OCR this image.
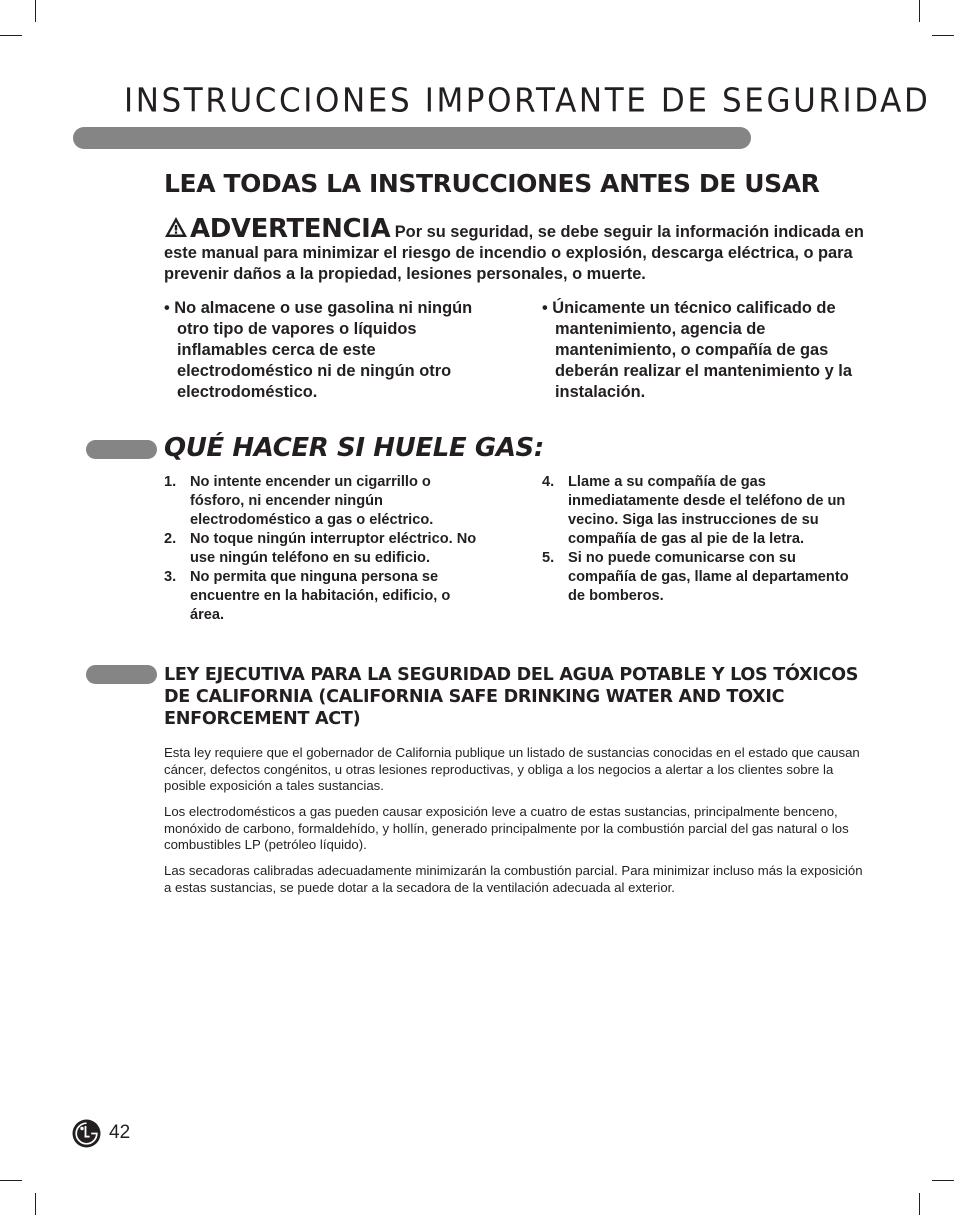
INSTRUCCIONES IMPORTANTE DE SEGURIDAD
LEA TODAS LA INSTRUCCIONES ANTES DE USAR
ADVERTENCIA Por su seguridad, se debe seguir la información indicada en este manual para minimizar el riesgo de incendio o explosión, descarga eléctrica, o para prevenir daños a la propiedad, lesiones personales, o muerte.
• No almacene o use gasolina ni ningún otro tipo de vapores o líquidos inflamables cerca de este electrodoméstico ni de ningún otro electrodoméstico.
• Únicamente un técnico calificado de mantenimiento, agencia de mantenimiento, o compañía de gas deberán realizar el mantenimiento y la instalación.
QUÉ HACER SI HUELE GAS:
1. No intente encender un cigarrillo o fósforo, ni encender ningún electrodoméstico a gas o eléctrico.
2. No toque ningún interruptor eléctrico. No use ningún teléfono en su edificio.
3. No permita que ninguna persona se encuentre en la habitación, edificio, o área.
4. Llame a su compañía de gas inmediatamente desde el teléfono de un vecino. Siga las instrucciones de su compañía de gas al pie de la letra.
5. Si no puede comunicarse con su compañía de gas, llame al departamento de bomberos.
LEY EJECUTIVA PARA LA SEGURIDAD DEL AGUA POTABLE Y LOS TÓXICOS DE CALIFORNIA (CALIFORNIA SAFE DRINKING WATER AND TOXIC ENFORCEMENT ACT)

Esta ley requiere que el gobernador de California publique un listado de sustancias conocidas en el estado que causan cáncer, defectos congénitos, u otras lesiones reproductivas, y obliga a los negocios a alertar a los clientes sobre la posible exposición a tales sustancias.

Los electrodomésticos a gas pueden causar exposición leve a cuatro de estas sustancias, principalmente benceno, monóxido de carbono, formaldehído, y hollín, generado principalmente por la combustión parcial del gas natural o los combustibles LP (petróleo líquido).

Las secadoras calibradas adecuadamente minimizarán la combustión parcial. Para minimizar incluso más la exposición a estas sustancias, se puede dotar a la secadora de la ventilación adecuada al exterior.

42
